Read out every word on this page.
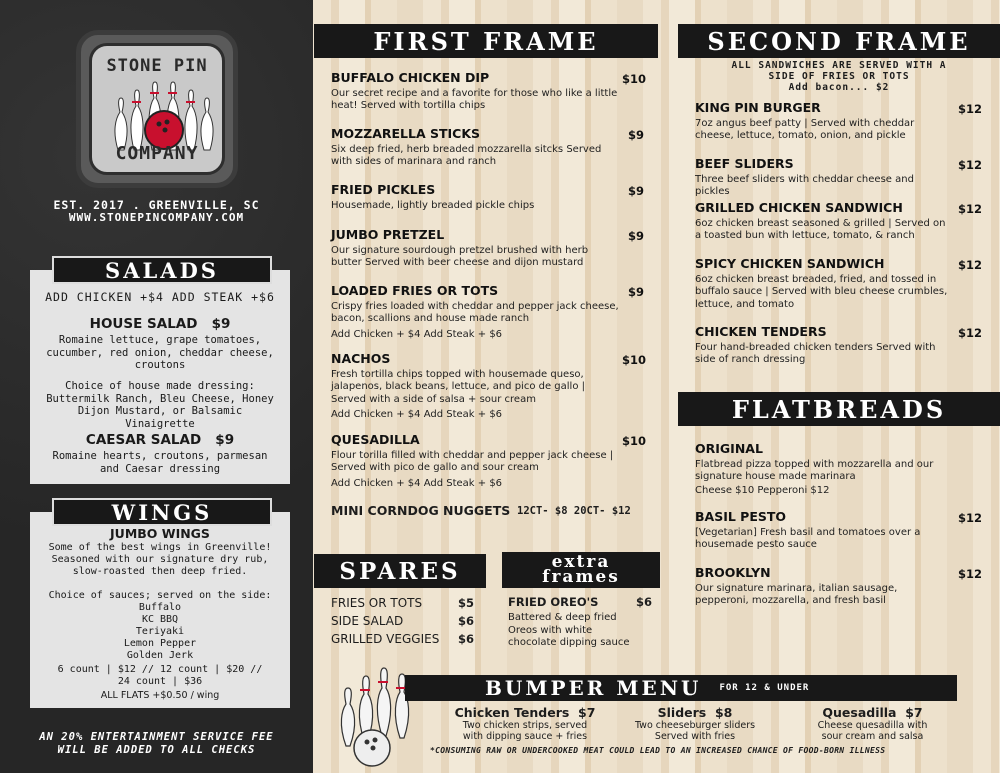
STONE PIN
COMPANY
EST. 2017 . GREENVILLE, SC
WWW.STONEPINCOMPANY.COM
ADD CHICKEN +$4 ADD STEAK +$6
HOUSE SALAD $9
Romaine lettuce, grape tomatoes, cucumber, red onion, cheddar cheese, croutons
Choice of house made dressing: Buttermilk Ranch, Bleu Cheese, Honey Dijon Mustard, or Balsamic Vinaigrette
CAESAR SALAD $9
Romaine hearts, croutons, parmesan and Caesar dressing
SALADS
JUMBO WINGS
Some of the best wings in Greenville! Seasoned with our signature dry rub, slow-roasted then deep fried.
Choice of sauces; served on the side:
Buffalo
KC BBQ
Teriyaki
Lemon Pepper
Golden Jerk
6 count | $12 // 12 count | $20 //
24 count | $36
ALL FLATS +$0.50 / wing
WINGS
AN 20% ENTERTAINMENT SERVICE FEE
WILL BE ADDED TO ALL CHECKS
FIRST FRAME
BUFFALO CHICKEN DIP
Our secret recipe and a favorite for those who like a little heat! Served with tortilla chips
$10
MOZZARELLA STICKS
Six deep fried, herb breaded mozzarella sitcks Served with sides of marinara and ranch
$9
FRIED PICKLES
Housemade, lightly breaded pickle chips
$9
JUMBO PRETZEL
Our signature sourdough pretzel brushed with herb butter Served with beer cheese and dijon mustard
$9
LOADED FRIES OR TOTS
Crispy fries loaded with cheddar and pepper jack cheese, bacon, scallions and house made ranch
Add Chicken + $4 Add Steak + $6
$9
NACHOS
Fresh tortilla chips topped with housemade queso, jalapenos, black beans, lettuce, and pico de gallo | Served with a side of salsa + sour cream
Add Chicken + $4 Add Steak + $6
$10
QUESADILLA
Flour torilla filled with cheddar and pepper jack cheese | Served with pico de gallo and sour cream
Add Chicken + $4 Add Steak + $6
$10
MINI CORNDOG NUGGETS 12CT- $8 20CT- $12
SPARES
FRIES OR TOTS	$5
SIDE SALAD	$6
GRILLED VEGGIES $6
extra
frames
FRIED OREO'S	$6
Battered & deep fried Oreos with white chocolate dipping sauce
SECOND FRAME
ALL SANDWICHES ARE SERVED WITH A
SIDE OF FRIES OR TOTS
Add bacon... $2
KING PIN BURGER
7oz angus beef patty | Served with cheddar cheese, lettuce, tomato, onion, and pickle
$12
BEEF SLIDERS
Three beef sliders with cheddar cheese and pickles
$12
GRILLED CHICKEN SANDWICH
6oz chicken breast seasoned & grilled | Served on a toasted bun with lettuce, tomato, & ranch
$12
SPICY CHICKEN SANDWICH
6oz chicken breast breaded, fried, and tossed in buffalo sauce | Served with bleu cheese crumbles, lettuce, and tomato
$12
CHICKEN TENDERS
Four hand-breaded chicken tenders Served with side of ranch dressing
$12
FLATBREADS
ORIGINAL
Flatbread pizza topped with mozzarella and our signature house made marinara
Cheese $10 Pepperoni $12
BASIL PESTO
[Vegetarian] Fresh basil and tomatoes over a housemade pesto sauce
$12
BROOKLYN
Our signature marinara, italian sausage, pepperoni, mozzarella, and fresh basil
$12
BUMPER MENU FOR 12 & UNDER
Chicken Tenders $7
Two chicken strips, served with dipping sauce + fries
Sliders $8
Two cheeseburger sliders Served with fries
Quesadilla $7
Cheese quesadilla with sour cream and salsa
*CONSUMING RAW OR UNDERCOOKED MEAT COULD LEAD TO AN INCREASED CHANCE OF FOOD-BORN ILLNESS
